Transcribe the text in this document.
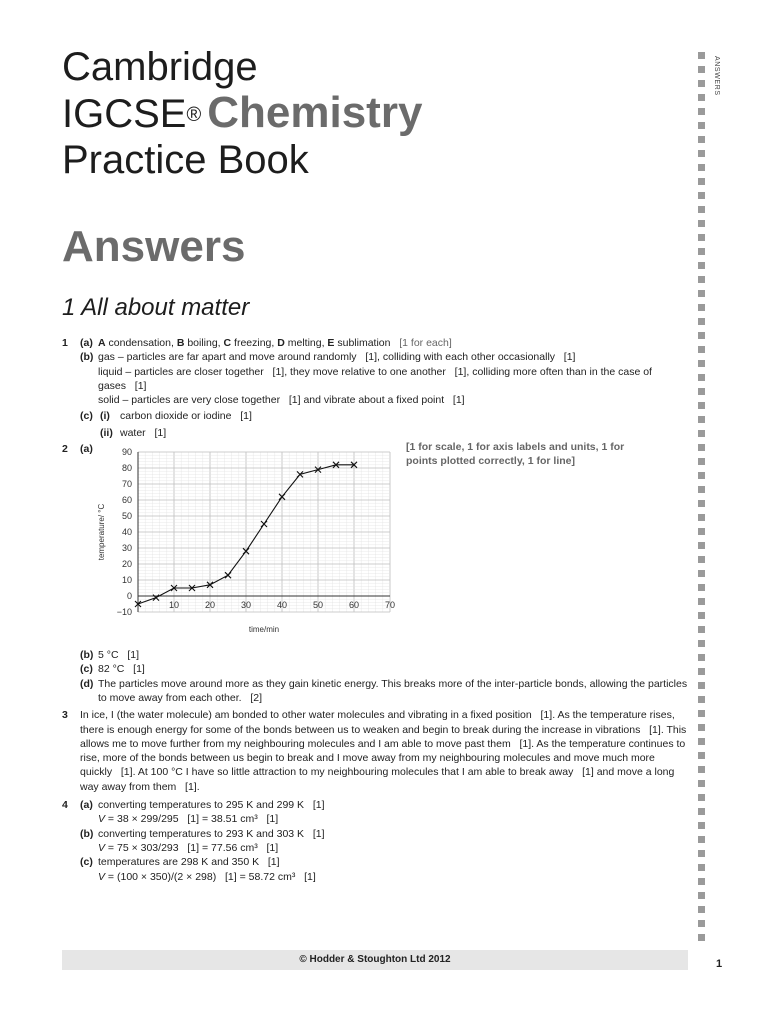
Cambridge
IGCSE® Chemistry
Practice Book
Answers
1 All about matter
ANSWERS
1 (a) A condensation, B boiling, C freezing, D melting, E sublimation [1 for each]
(b) gas – particles are far apart and move around randomly [1], colliding with each other occasionally [1]
liquid – particles are closer together [1], they move relative to one another [1], colliding more often than in the case of gases [1]
solid – particles are very close together [1] and vibrate about a fixed point [1]
(c) (i) carbon dioxide or iodine [1]
(ii) water [1]
2 (a)
(b) 5 °C [1]
(c) 82 °C [1]
(d) The particles move around more as they gain kinetic energy. This breaks more of the inter-particle bonds, allowing the particles to move away from each other. [2]
3	In ice, I (the water molecule) am bonded to other water molecules and vibrating in a fixed position [1]. As the temperature rises, there is enough energy for some of the bonds between us to weaken and begin to break during the increase in vibrations [1]. This allows me to move further from my neighbouring molecules and I am able to move past them [1]. As the temperature continues to rise, more of the bonds between us begin to break and I move away from my neighbouring molecules and move much more quickly [1]. At 100 °C I have so little attraction to my neighbouring molecules that I am able to break away [1] and move a long way away from them [1].
4 (a) converting temperatures to 295 K and 299 K [1]
V = 38 × 299/295 [1] = 38.51 cm³ [1]
(b) converting temperatures to 293 K and 303 K [1]
V = 75 × 303/293 [1] = 77.56 cm³ [1]
(c) temperatures are 298 K and 350 K [1]
V = (100 × 350)/(2 × 298) [1] = 58.72 cm³ [1]
−10
0
10
20
30
40
50
60
70
80
90
10	20	30	40	50	60	70
time/min
temperature/ °C
[1 for scale, 1 for axis labels and units, 1 for points plotted correctly, 1 for line]
© Hodder & Stoughton Ltd 2012	1
